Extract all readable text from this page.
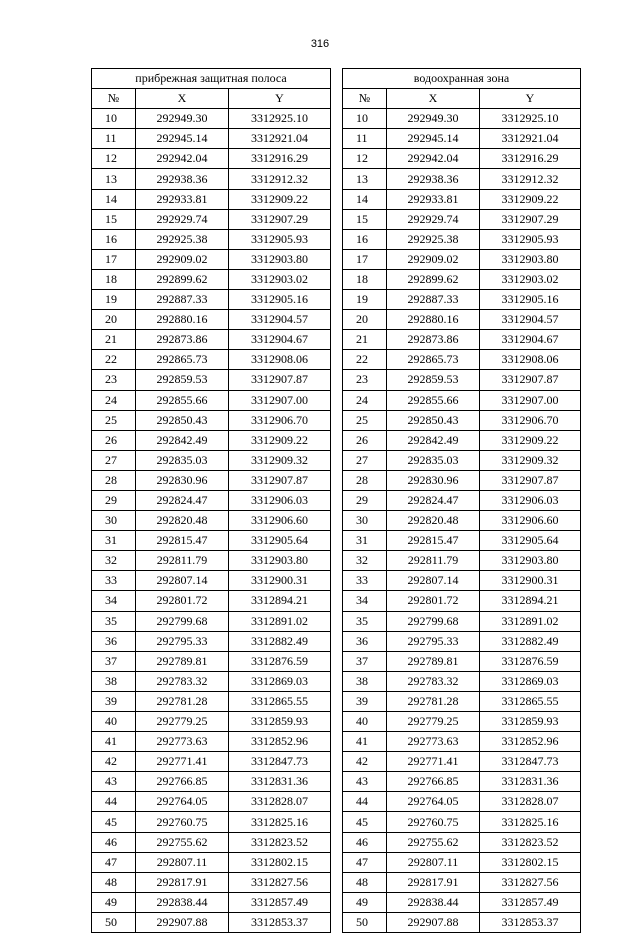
316
прибрежная защитная полоса				водоохранная зона		
№	X	Y		№	X	Y
10	292949.30	3312925.10		10	292949.30	3312925.10
11	292945.14	3312921.04		11	292945.14	3312921.04
12	292942.04	3312916.29		12	292942.04	3312916.29
13	292938.36	3312912.32		13	292938.36	3312912.32
14	292933.81	3312909.22		14	292933.81	3312909.22
15	292929.74	3312907.29		15	292929.74	3312907.29
16	292925.38	3312905.93		16	292925.38	3312905.93
17	292909.02	3312903.80		17	292909.02	3312903.80
18	292899.62	3312903.02		18	292899.62	3312903.02
19	292887.33	3312905.16		19	292887.33	3312905.16
20	292880.16	3312904.57		20	292880.16	3312904.57
21	292873.86	3312904.67		21	292873.86	3312904.67
22	292865.73	3312908.06		22	292865.73	3312908.06
23	292859.53	3312907.87		23	292859.53	3312907.87
24	292855.66	3312907.00		24	292855.66	3312907.00
25	292850.43	3312906.70		25	292850.43	3312906.70
26	292842.49	3312909.22		26	292842.49	3312909.22
27	292835.03	3312909.32		27	292835.03	3312909.32
28	292830.96	3312907.87		28	292830.96	3312907.87
29	292824.47	3312906.03		29	292824.47	3312906.03
30	292820.48	3312906.60		30	292820.48	3312906.60
31	292815.47	3312905.64		31	292815.47	3312905.64
32	292811.79	3312903.80		32	292811.79	3312903.80
33	292807.14	3312900.31		33	292807.14	3312900.31
34	292801.72	3312894.21		34	292801.72	3312894.21
35	292799.68	3312891.02		35	292799.68	3312891.02
36	292795.33	3312882.49		36	292795.33	3312882.49
37	292789.81	3312876.59		37	292789.81	3312876.59
38	292783.32	3312869.03		38	292783.32	3312869.03
39	292781.28	3312865.55		39	292781.28	3312865.55
40	292779.25	3312859.93		40	292779.25	3312859.93
41	292773.63	3312852.96		41	292773.63	3312852.96
42	292771.41	3312847.73		42	292771.41	3312847.73
43	292766.85	3312831.36		43	292766.85	3312831.36
44	292764.05	3312828.07		44	292764.05	3312828.07
45	292760.75	3312825.16		45	292760.75	3312825.16
46	292755.62	3312823.52		46	292755.62	3312823.52
47	292807.11	3312802.15		47	292807.11	3312802.15
48	292817.91	3312827.56		48	292817.91	3312827.56
49	292838.44	3312857.49		49	292838.44	3312857.49
50	292907.88	3312853.37		50	292907.88	3312853.37
